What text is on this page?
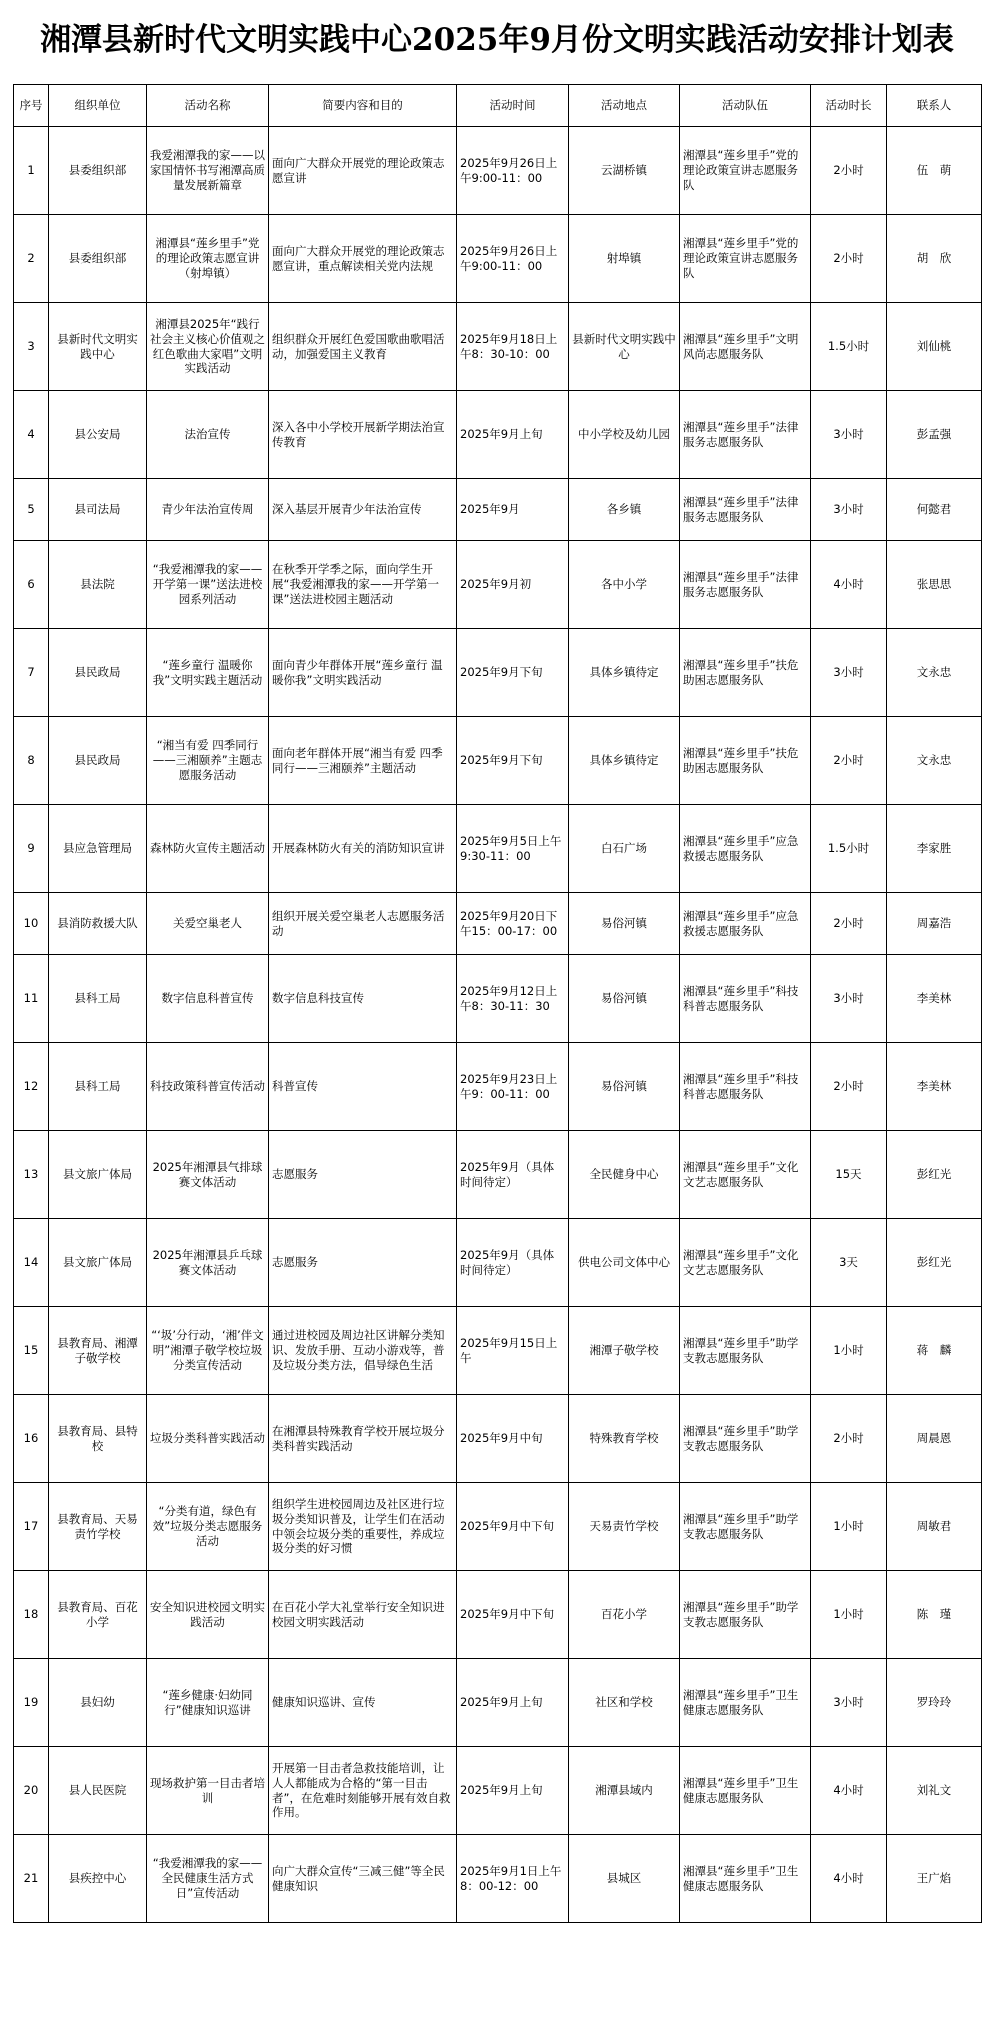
湘潭县新时代文明实践中心2025年9月份文明实践活动安排计划表
序号	组织单位	活动名称	简要内容和目的	活动时间	活动地点	活动队伍	活动时长	联系人
1	县委组织部	我爱湘潭我的家——以家国情怀书写湘潭高质量发展新篇章	面向广大群众开展党的理论政策志愿宣讲	2025年9月26日上午9:00-11：00	云湖桥镇	湘潭县“莲乡里手”党的理论政策宣讲志愿服务队	2小时	伍　萌
2	县委组织部	湘潭县“莲乡里手”党的理论政策志愿宣讲（射埠镇）	面向广大群众开展党的理论政策志愿宣讲，重点解读相关党内法规	2025年9月26日上午9:00-11：00	射埠镇	湘潭县“莲乡里手”党的理论政策宣讲志愿服务队	2小时	胡　欣
3	县新时代文明实践中心	湘潭县2025年“践行社会主义核心价值观之红色歌曲大家唱”文明实践活动	组织群众开展红色爱国歌曲歌唱活动，加强爱国主义教育	2025年9月18日上午8：30-10：00	县新时代文明实践中心	湘潭县“莲乡里手”文明风尚志愿服务队	1.5小时	刘仙桃
4	县公安局	法治宣传	深入各中小学校开展新学期法治宣传教育	2025年9月上旬	中小学校及幼儿园	湘潭县“莲乡里手”法律服务志愿服务队	3小时	彭孟强
5	县司法局	青少年法治宣传周	深入基层开展青少年法治宣传	2025年9月	各乡镇	湘潭县“莲乡里手”法律服务志愿服务队	3小时	何懿君
6	县法院	“我爱湘潭我的家——开学第一课”送法进校园系列活动	在秋季开学季之际，面向学生开展“我爱湘潭我的家——开学第一课”送法进校园主题活动	2025年9月初	各中小学	湘潭县“莲乡里手”法律服务志愿服务队	4小时	张思思
7	县民政局	“莲乡童行 温暖你我”文明实践主题活动	面向青少年群体开展“莲乡童行 温暖你我”文明实践活动	2025年9月下旬	具体乡镇待定	湘潭县“莲乡里手”扶危助困志愿服务队	3小时	文永忠
8	县民政局	“湘当有爱 四季同行——三湘颐养”主题志愿服务活动	面向老年群体开展“湘当有爱 四季同行——三湘颐养”主题活动	2025年9月下旬	具体乡镇待定	湘潭县“莲乡里手”扶危助困志愿服务队	2小时	文永忠
9	县应急管理局	森林防火宣传主题活动	开展森林防火有关的消防知识宣讲	2025年9月5日上午9:30-11：00	白石广场	湘潭县“莲乡里手”应急救援志愿服务队	1.5小时	李家胜
10	县消防救援大队	关爱空巢老人	组织开展关爱空巢老人志愿服务活动	2025年9月20日下午15：00-17：00	易俗河镇	湘潭县“莲乡里手”应急救援志愿服务队	2小时	周嘉浩
11	县科工局	数字信息科普宣传	数字信息科技宣传	2025年9月12日上午8：30-11：30	易俗河镇	湘潭县“莲乡里手”科技科普志愿服务队	3小时	李美林
12	县科工局	科技政策科普宣传活动	科普宣传	2025年9月23日上午9：00-11：00	易俗河镇	湘潭县“莲乡里手”科技科普志愿服务队	2小时	李美林
13	县文旅广体局	2025年湘潭县气排球赛文体活动	志愿服务	2025年9月（具体时间待定）	全民健身中心	湘潭县“莲乡里手”文化文艺志愿服务队	15天	彭红光
14	县文旅广体局	2025年湘潭县乒乓球赛文体活动	志愿服务	2025年9月（具体时间待定）	供电公司文体中心	湘潭县“莲乡里手”文化文艺志愿服务队	3天	彭红光
15	县教育局、湘潭子敬学校	“‘圾’分行动，‘湘’伴文明”湘潭子敬学校垃圾分类宣传活动	通过进校园及周边社区讲解分类知识、发放手册、互动小游戏等，普及垃圾分类方法，倡导绿色生活	2025年9月15日上午	湘潭子敬学校	湘潭县“莲乡里手”助学支教志愿服务队	1小时	蒋　麟
16	县教育局、县特校	垃圾分类科普实践活动	在湘潭县特殊教育学校开展垃圾分类科普实践活动	2025年9月中旬	特殊教育学校	湘潭县“莲乡里手”助学支教志愿服务队	2小时	周晨恩
17	县教育局、天易责竹学校	“分类有道，绿色有效”垃圾分类志愿服务活动	组织学生进校园周边及社区进行垃圾分类知识普及，让学生们在活动中领会垃圾分类的重要性，养成垃圾分类的好习惯	2025年9月中下旬	天易责竹学校	湘潭县“莲乡里手”助学支教志愿服务队	1小时	周敏君
18	县教育局、百花小学	安全知识进校园文明实践活动	在百花小学大礼堂举行安全知识进校园文明实践活动	2025年9月中下旬	百花小学	湘潭县“莲乡里手”助学支教志愿服务队	1小时	陈　瑾
19	县妇幼	“莲乡健康·妇幼同行”健康知识巡讲	健康知识巡讲、宣传	2025年9月上旬	社区和学校	湘潭县“莲乡里手”卫生健康志愿服务队	3小时	罗玲玲
20	县人民医院	现场救护第一目击者培训	开展第一目击者急救技能培训，让人人都能成为合格的“第一目击者”，在危难时刻能够开展有效自救作用。	2025年9月上旬	湘潭县域内	湘潭县“莲乡里手”卫生健康志愿服务队	4小时	刘礼文
21	县疾控中心	“我爱湘潭我的家——全民健康生活方式日”宣传活动	向广大群众宣传“三减三健”等全民健康知识	2025年9月1日上午8：00-12：00	县城区	湘潭县“莲乡里手”卫生健康志愿服务队	4小时	王广焰
